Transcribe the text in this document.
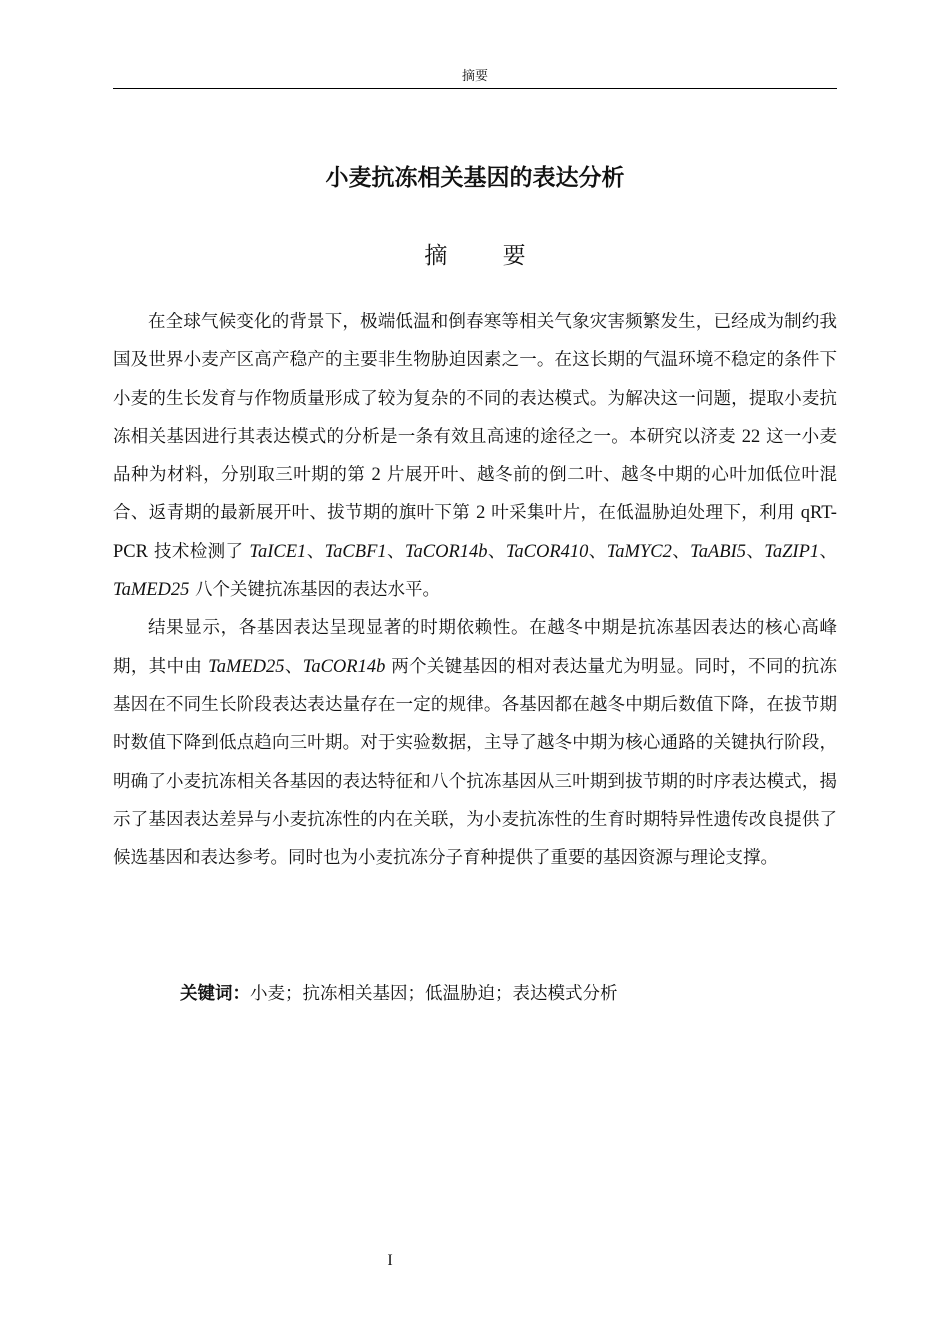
摘要
小麦抗冻相关基因的表达分析
摘 要

在全球气候变化的背景下，极端低温和倒春寒等相关气象灾害频繁发生，已经成为制约我国及世界小麦产区高产稳产的主要非生物胁迫因素之一。在这长期的气温环境不稳定的条件下小麦的生长发育与作物质量形成了较为复杂的不同的表达模式。为解决这一问题，提取小麦抗冻相关基因进行其表达模式的分析是一条有效且高速的途径之一。本研究以济麦 22 这一小麦品种为材料，分别取三叶期的第 2 片展开叶、越冬前的倒二叶、越冬中期的心叶加低位叶混合、返青期的最新展开叶、拔节期的旗叶下第 2 叶采集叶片，在低温胁迫处理下，利用 qRT-PCR 技术检测了 TaICE1、TaCBF1、TaCOR14b、TaCOR410、TaMYC2、TaABI5、TaZIP1、TaMED25 八个关键抗冻基因的表达水平。

结果显示，各基因表达呈现显著的时期依赖性。在越冬中期是抗冻基因表达的核心高峰期，其中由 TaMED25、TaCOR14b 两个关键基因的相对表达量尤为明显。同时，不同的抗冻基因在不同生长阶段表达表达量存在一定的规律。各基因都在越冬中期后数值下降，在拔节期时数值下降到低点趋向三叶期。对于实验数据，主导了越冬中期为核心通路的关键执行阶段，明确了小麦抗冻相关各基因的表达特征和八个抗冻基因从三叶期到拔节期的时序表达模式，揭示了基因表达差异与小麦抗冻性的内在关联，为小麦抗冻性的生育时期特异性遗传改良提供了候选基因和表达参考。同时也为小麦抗冻分子育种提供了重要的基因资源与理论支撑。

关键词：小麦；抗冻相关基因；低温胁迫；表达模式分析
I
